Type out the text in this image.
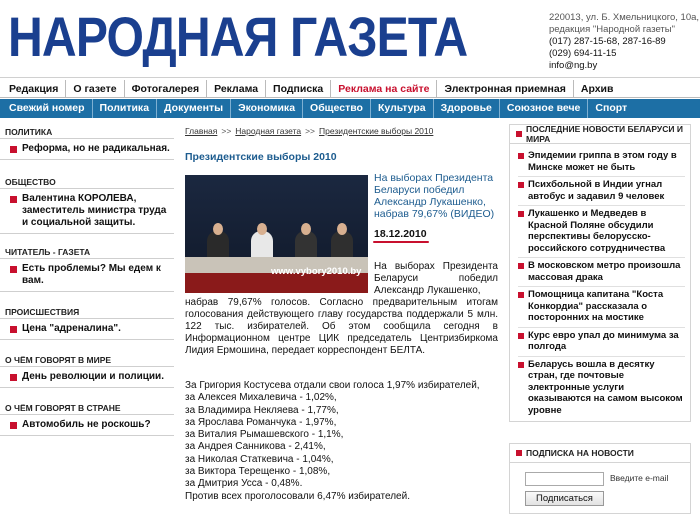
НАРОДНАЯ ГАЗЕТА	220013, ул. Б. Хмельницкого, 10а,
редакция "Народной газеты"
(017) 287-15-68, 287-16-89
(029) 694-11-15
info@ng.by
Редакция	О газете	Фотогалерея	Реклама	Подписка	Реклама на сайте	Электронная приемная	Архив
Свежий номер	Политика	Документы	Экономика	Общество	Культура	Здоровье	Союзное вече	Спорт
ПОЛИТИКА
Реформа, но не радикальная.
ОБЩЕСТВО
Валентина КОРОЛЕВА, заместитель министра труда и социальной защиты.
ЧИТАТЕЛЬ - ГАЗЕТА
Есть проблемы? Мы едем к вам.
ПРОИСШЕСТВИЯ
Цена "адреналина".
О ЧЁМ ГОВОРЯТ В МИРЕ
День революции и полиции.
О ЧЁМ ГОВОРЯТ В СТРАНЕ
Автомобиль не роскошь?
Главная >> Народная газета >> Президентские выборы 2010
Президентские выборы 2010
www.vybory2010.by
На выборах Президента Беларуси победил Александр Лукашенко, набрав 79,67% (ВИДЕО)
18.12.2010
На выборах Президента Беларуси победил Александр Лукашенко,
набрав 79,67% голосов. Согласно предварительным итогам голосования действующего главу государства поддержали 5 млн. 122 тыс. избирателей. Об этом сообщила сегодня в Информационном центре ЦИК председатель Центризбиркома Лидия Ермошина, передает корреспондент БЕЛТА.
За Григория Костусева отдали свои голоса 1,97% избирателей,
за Алексея Михалевича - 1,02%,
за Владимира Некляева - 1,77%,
за Ярослава Романчука - 1,97%,
за Виталия Рымашевского - 1,1%,
за Андрея Санникова - 2,41%,
за Николая Статкевича - 1,04%,
за Виктора Терещенко - 1,08%,
за Дмитрия Усса - 0,48%.
Против всех проголосовали 6,47% избирателей.
ПОСЛЕДНИЕ НОВОСТИ БЕЛАРУСИ И МИРА
Эпидемии гриппа в этом году в Минске может не быть
Психбольной в Индии угнал автобус и задавил 9 человек
Лукашенко и Медведев в Красной Поляне обсудили перспективы белорусско-российского сотрудничества
В московском метро произошла массовая драка
Помощница капитана "Коста Конкордиа" рассказала о посторонних на мостике
Курс евро упал до минимума за полгода
Беларусь вошла в десятку стран, где почтовые электронные услуги оказываются на самом высоком уровне
ПОДПИСКА НА НОВОСТИ
Введите e-mail
Подписаться
